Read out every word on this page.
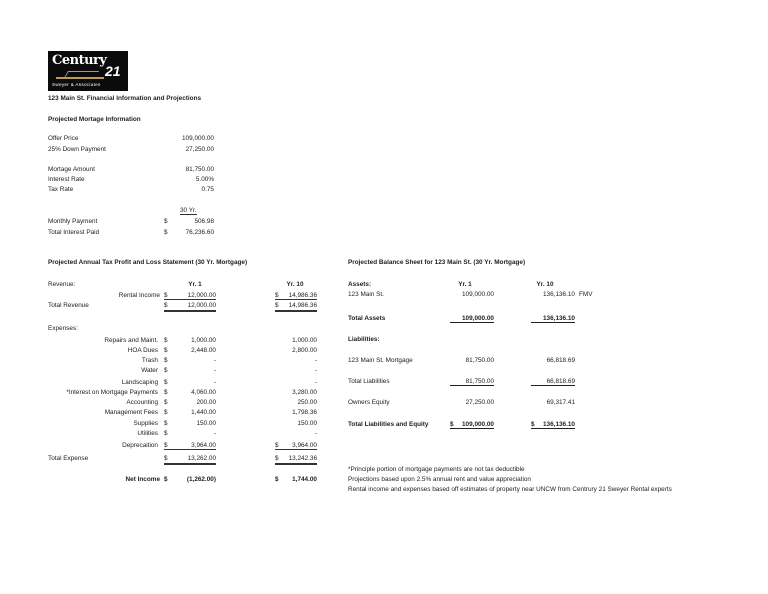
Century
21
Sweyer & Associates
123 Main St. Financial Information and Projections
Projected Mortage Information
Offer Price	109,000.00
25% Down Payment	27,250.00
Mortage Amount	81,750.00
Interest Rate	5.00%
Tax Rate	0.75
30 Yr.
Monthly Payment	$	506.98
Total Interest Paid	$	76,236.60
Projected Annual Tax Profit and Loss Statement (30 Yr. Mortgage)
Revenue:	Yr. 1	Yr. 10
Rental Income $	12,000.00	$ 14,986.36
Total Revenue	$	12,000.00	$ 14,986.36
Expenses:
Repairs and Maint. $	1,000.00	1,000.00
HOA Dues $	2,448.00	2,800.00
Trash $	-	-
Water $	-	-
Landscaping $	-	-
*Interest on Mortgage Payments $	4,060.00	3,280.00
Accounting $	200.00	250.00
Management Fees $	1,440.00	1,798.36
Supplies $	150.00	150.00
Utilities $	-	-
Deprecaition $	3,964.00	$ 3,964.00
Total Expense	$	13,262.00	$ 13,242.36
Net Income $	(1,262.00)	$	1,744.00
Projected Balance Sheet for 123 Main St. (30 Yr. Mortgage)
Assets:	Yr. 1	Yr. 10
123 Main St.	109,000.00	136,136.10 FMV
Total Assets	109,000.00	136,136.10
Liabilities:
123 Main St. Mortgage	81,750.00	66,818.69
Total Liabilities	81,750.00	66,818.69
Owners Equity	27,250.00	69,317.41
Total Liabilities and Equity	$ 109,000.00	$ 136,136.10
*Principle portion of mortgage payments are not tax deductible
Projections based upon 2.5% annual rent and value appreciation
Rental income and expenses based off estimates of property near UNCW from Centrury 21 Sweyer Rental experts
